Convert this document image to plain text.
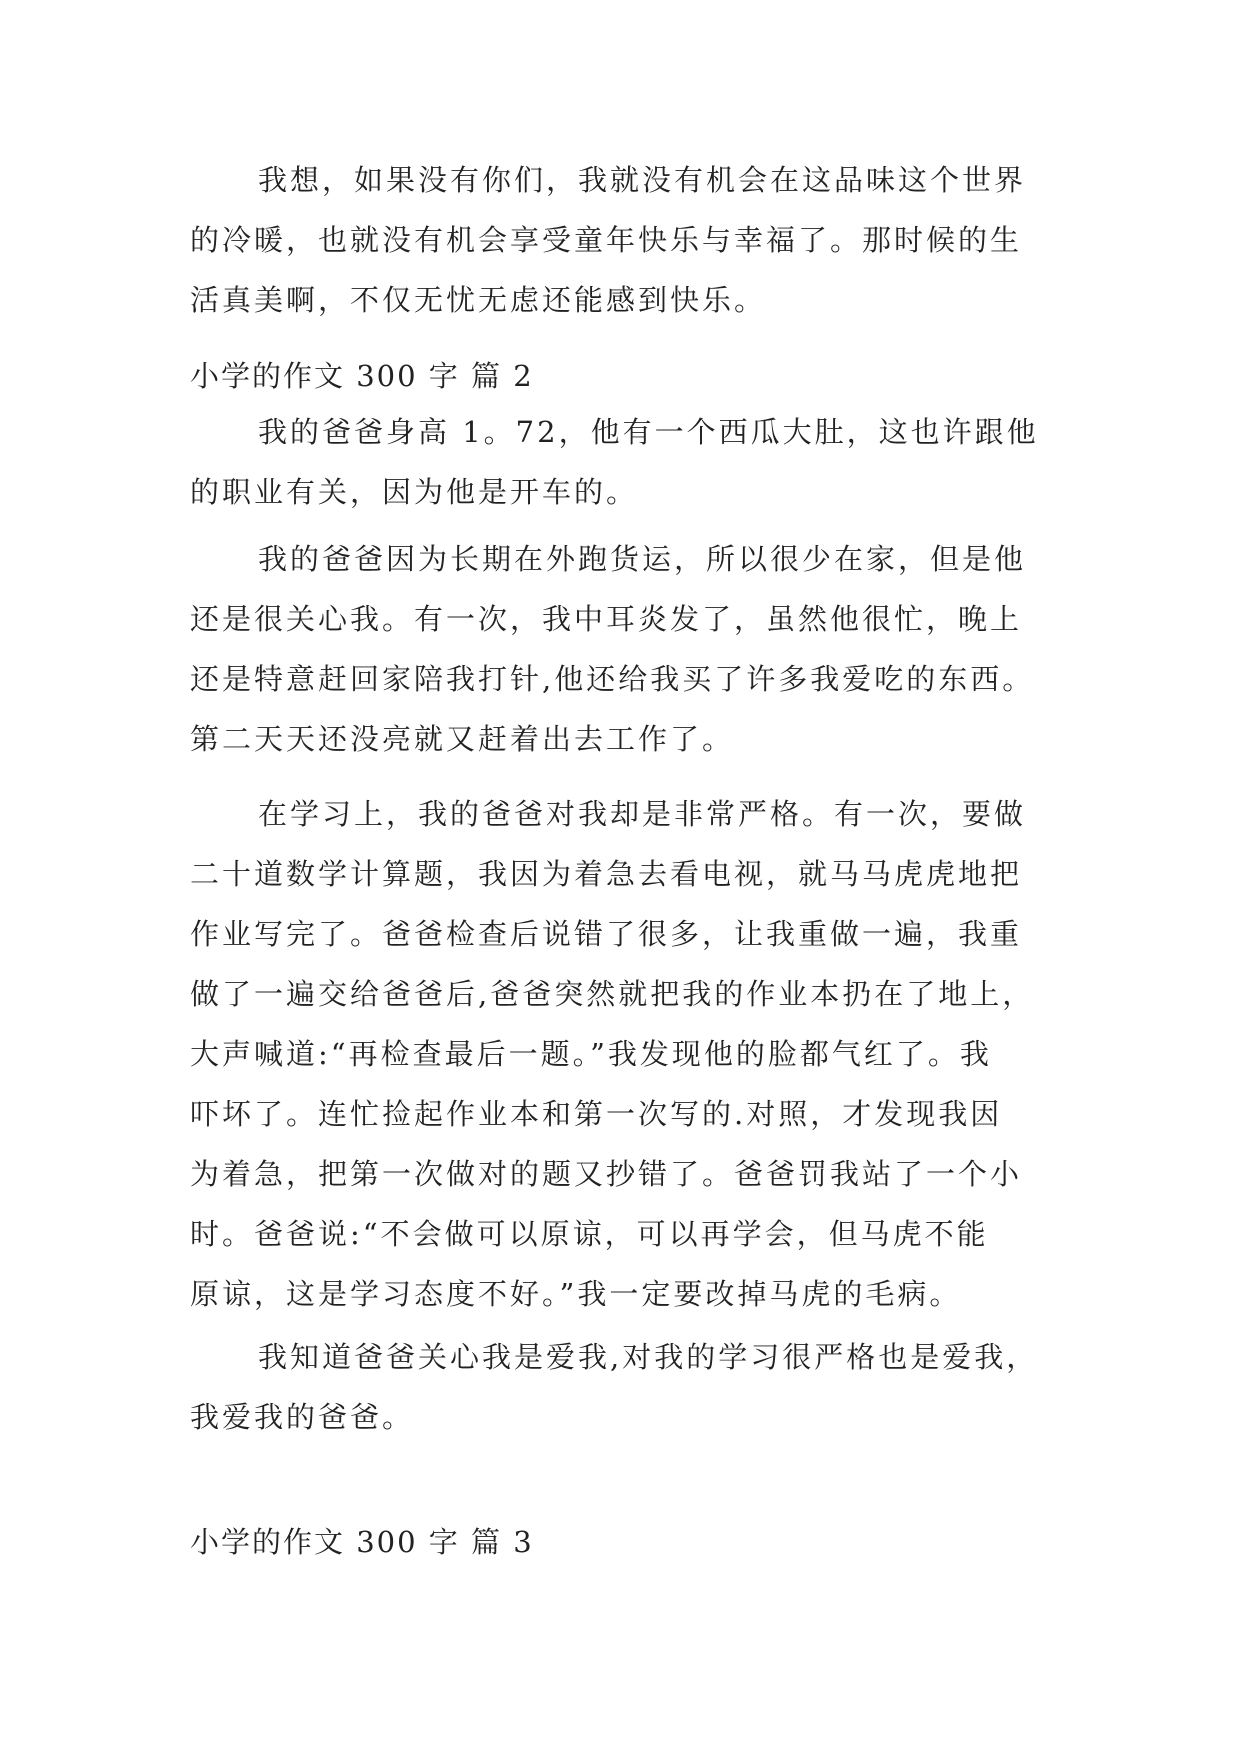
我想，如果没有你们，我就没有机会在这品味这个世界
的冷暖，也就没有机会享受童年快乐与幸福了。那时候的生
活真美啊，不仅无忧无虑还能感到快乐。

小学的作文 300 字 篇 2

我的爸爸身高 1。72，他有一个西瓜大肚，这也许跟他
的职业有关，因为他是开车的。

我的爸爸因为长期在外跑货运，所以很少在家，但是他
还是很关心我。有一次，我中耳炎发了，虽然他很忙，晚上
还是特意赶回家陪我打针,他还给我买了许多我爱吃的东西。
第二天天还没亮就又赶着出去工作了。

在学习上，我的爸爸对我却是非常严格。有一次，要做
二十道数学计算题，我因为着急去看电视，就马马虎虎地把
作业写完了。爸爸检查后说错了很多，让我重做一遍，我重
做了一遍交给爸爸后,爸爸突然就把我的作业本扔在了地上，
大声喊道:“再检查最后一题。”我发现他的脸都气红了。我
吓坏了。连忙捡起作业本和第一次写的.对照，才发现我因
为着急，把第一次做对的题又抄错了。爸爸罚我站了一个小
时。爸爸说:“不会做可以原谅，可以再学会，但马虎不能
原谅，这是学习态度不好。”我一定要改掉马虎的毛病。

我知道爸爸关心我是爱我,对我的学习很严格也是爱我，
我爱我的爸爸。

小学的作文 300 字 篇 3
